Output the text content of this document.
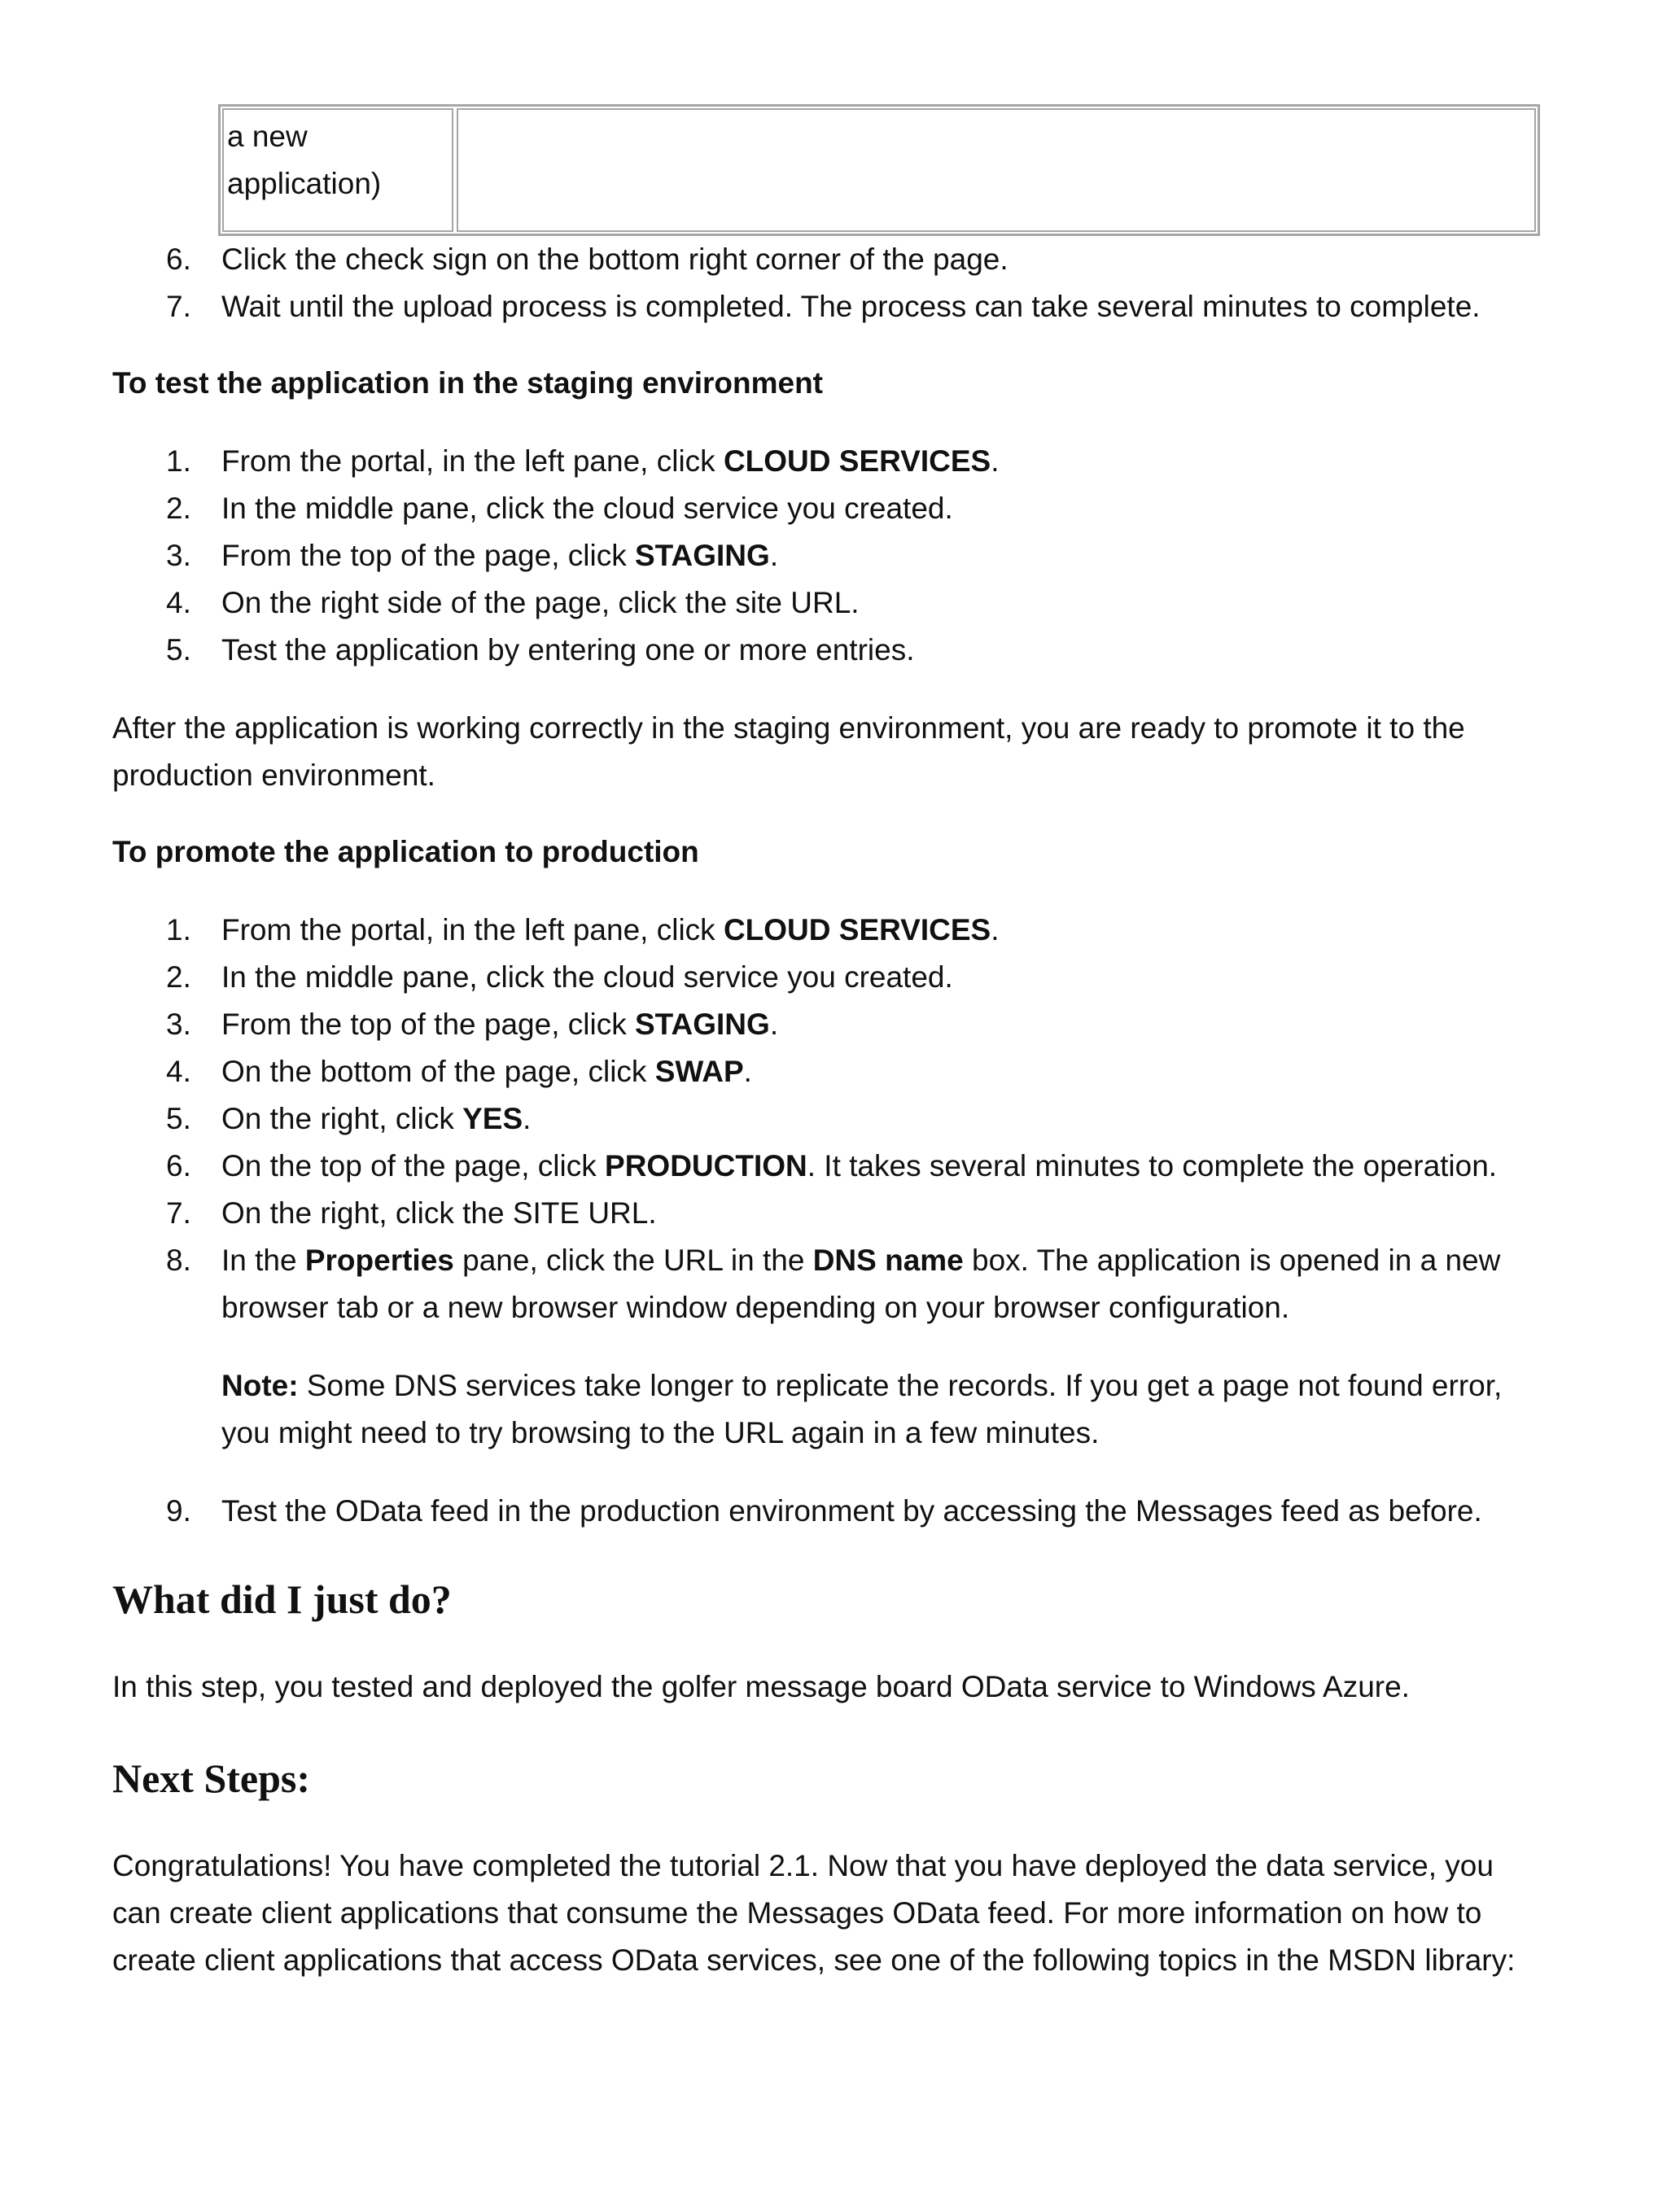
a new
application)
6. Click the check sign on the bottom right corner of the page.
7. Wait until the upload process is completed. The process can take several minutes to complete.
To test the application in the staging environment
1. From the portal, in the left pane, click CLOUD SERVICES.
2. In the middle pane, click the cloud service you created.
3. From the top of the page, click STAGING.
4. On the right side of the page, click the site URL.
5. Test the application by entering one or more entries.
After the application is working correctly in the staging environment, you are ready to promote it to the production environment.
To promote the application to production
1. From the portal, in the left pane, click CLOUD SERVICES.
2. In the middle pane, click the cloud service you created.
3. From the top of the page, click STAGING.
4. On the bottom of the page, click SWAP.
5. On the right, click YES.
6. On the top of the page, click PRODUCTION. It takes several minutes to complete the operation.
7. On the right, click the SITE URL.
8. In the Properties pane, click the URL in the DNS name box. The application is opened in a new browser tab or a new browser window depending on your browser configuration.
Note: Some DNS services take longer to replicate the records. If you get a page not found error, you might need to try browsing to the URL again in a few minutes.
9. Test the OData feed in the production environment by accessing the Messages feed as before.
What did I just do?
In this step, you tested and deployed the golfer message board OData service to Windows Azure.
Next Steps:
Congratulations! You have completed the tutorial 2.1. Now that you have deployed the data service, you can create client applications that consume the Messages OData feed. For more information on how to create client applications that access OData services, see one of the following topics in the MSDN library:
